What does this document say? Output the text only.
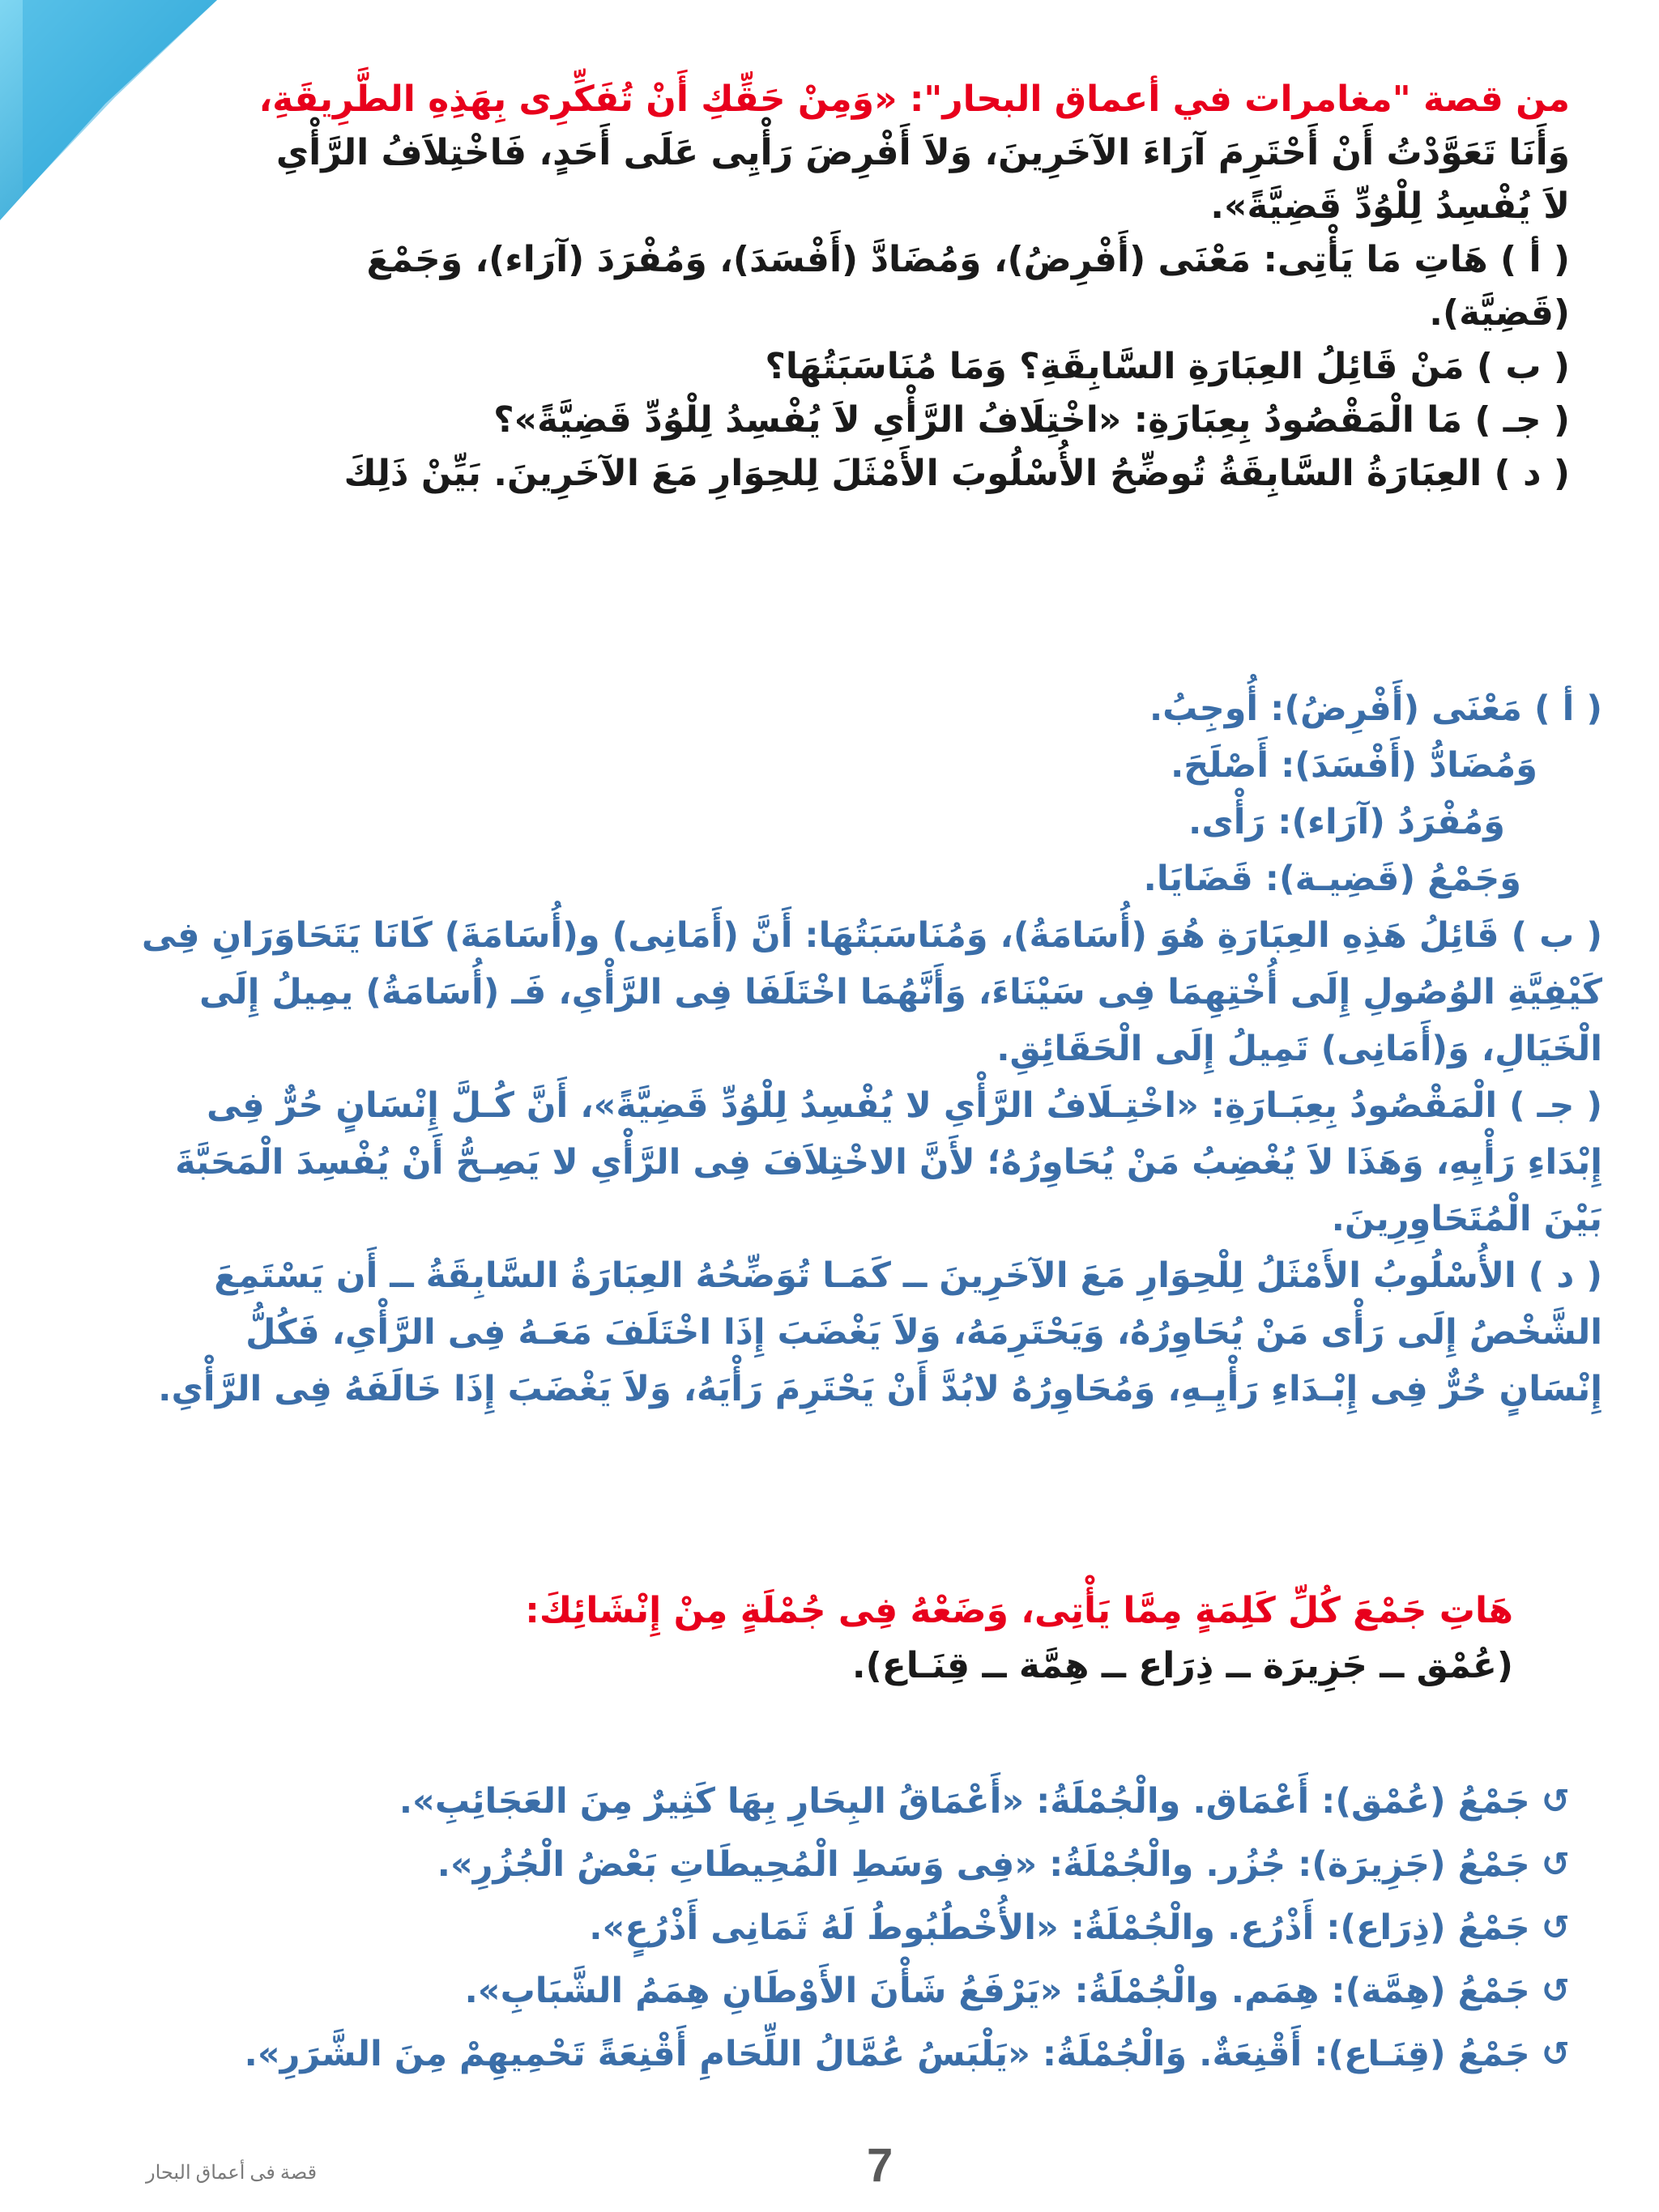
من قصة "مغامرات في أعماق البحار": «وَمِنْ حَقِّكِ أَنْ تُفَكِّرِى بِهَذِهِ الطَّرِيقَةِ،
وَأَنَا تَعَوَّدْتُ أَنْ أَحْتَرِمَ آرَاءَ الآخَرِينَ، وَلاَ أَفْرِضَ رَأْيِى عَلَى أَحَدٍ، فَاخْتِلاَفُ الرَّأْىِ
لاَ يُفْسِدُ لِلْوُدِّ قَضِيَّةً».
( أ ) هَاتِ مَا يَأْتِى: مَعْنَى (أَفْرِضُ)، وَمُضَادَّ (أَفْسَدَ)، وَمُفْرَدَ (آرَاء)، وَجَمْعَ
(قَضِيَّة).
( ب ) مَنْ قَائِلُ العِبَارَةِ السَّابِقَةِ؟ وَمَا مُنَاسَبَتُهَا؟
( جـ ) مَا الْمَقْصُودُ بِعِبَارَةِ: «اخْتِلَافُ الرَّأْىِ لاَ يُفْسِدُ لِلْوُدِّ قَضِيَّةً»؟
( د ) العِبَارَةُ السَّابِقَةُ تُوضِّحُ الأُسْلُوبَ الأَمْثَلَ لِلحِوَارِ مَعَ الآخَرِينَ. بَيِّنْ ذَلِكَ
( أ ) مَعْنَى (أَفْرِضُ): أُوجِبُ.
وَمُضَادُّ (أَفْسَدَ): أَصْلَحَ.
وَمُفْرَدُ (آرَاء): رَأْى.
وَجَمْعُ (قَضِيـة): قَضَايَا.
( ب ) قَائِلُ هَذِهِ العِبَارَةِ هُوَ (أُسَامَةُ)، وَمُنَاسَبَتُهَا: أَنَّ (أَمَانِى) و(أُسَامَةَ) كَانَا يَتَحَاوَرَانِ فِى
كَيْفِيَّةِ الوُصُولِ إِلَى أُخْتِهِمَا فِى سَيْنَاءَ، وَأَنَّهُمَا اخْتَلَفَا فِى الرَّأْىِ، فَـ (أُسَامَةُ) يمِيلُ إِلَى
الْخَيَالِ، وَ(أَمَانِى) تَمِيلُ إِلَى الْحَقَائِقِ.
( جـ ) الْمَقْصُودُ بِعِبَـارَةِ: «اخْتِـلَافُ الرَّأْىِ لا يُفْسِدُ لِلْوُدِّ قَضِيَّةً»، أَنَّ كُـلَّ إِنْسَانٍ حُرٌّ فِى
إِبْدَاءِ رَأْيِهِ، وَهَذَا لاَ يُغْضِبُ مَنْ يُحَاوِرُهُ؛ لأَنَّ الاخْتِلاَفَ فِى الرَّأْىِ لا يَصِـحُّ أَنْ يُفْسِدَ الْمَحَبَّةَ
بَيْنَ الْمُتَحَاوِرِينَ.
( د ) الأُسْلُوبُ الأَمْثَلُ لِلْحِوَارِ مَعَ الآخَرِينَ ــ كَمَـا تُوَضِّحُهُ العِبَارَةُ السَّابِقَةُ ــ أَن يَسْتَمِعَ
الشَّخْصُ إِلَى رَأْى مَنْ يُحَاوِرُهُ، وَيَحْتَرِمَهُ، وَلاَ يَغْضَبَ إِذَا اخْتَلَفَ مَعَـهُ فِى الرَّأْىِ، فَكُلُّ
إِنْسَانٍ حُرٌّ فِى إِبْـدَاءِ رَأْيِـهِ، وَمُحَاوِرُهُ لابُدَّ أَنْ يَحْتَرِمَ رَأْيَهُ، وَلاَ يَغْضَبَ إِذَا خَالَفَهُ فِى الرَّأْىِ.
هَاتِ جَمْعَ كُلِّ كَلِمَةٍ مِمَّا يَأْتِى، وَضَعْهُ فِى جُمْلَةٍ مِنْ إِنْشَائِكَ:
(عُمْق ــ جَزِيرَة ــ ذِرَاع ــ هِمَّة ــ قِنَـاع).
↺جَمْعُ (عُمْق): أَعْمَاق. والْجُمْلَةُ: «أَعْمَاقُ البِحَارِ بِهَا كَثِيرٌ مِنَ العَجَائِبِ».
↺جَمْعُ (جَزِيرَة): جُزُر. والْجُمْلَةُ: «فِى وَسَطِ الْمُحِيطَاتِ بَعْضُ الْجُزُرِ».
↺جَمْعُ (ذِرَاع): أَذْرُع. والْجُمْلَةُ: «الأُخْطُبُوطُ لَهُ ثَمَانِى أَذْرُعٍ».
↺جَمْعُ (هِمَّة): هِمَم. والْجُمْلَةُ: «يَرْفَعُ شَأْنَ الأَوْطَانِ هِمَمُ الشَّبَابِ».
↺جَمْعُ (قِنَـاع): أَقْنِعَةٌ. وَالْجُمْلَةُ: «يَلْبَسُ عُمَّالُ اللِّحَامِ أَقْنِعَةً تَحْمِيهِمْ مِنَ الشَّرَرِ».
قصة فى أعماق البحار	7
